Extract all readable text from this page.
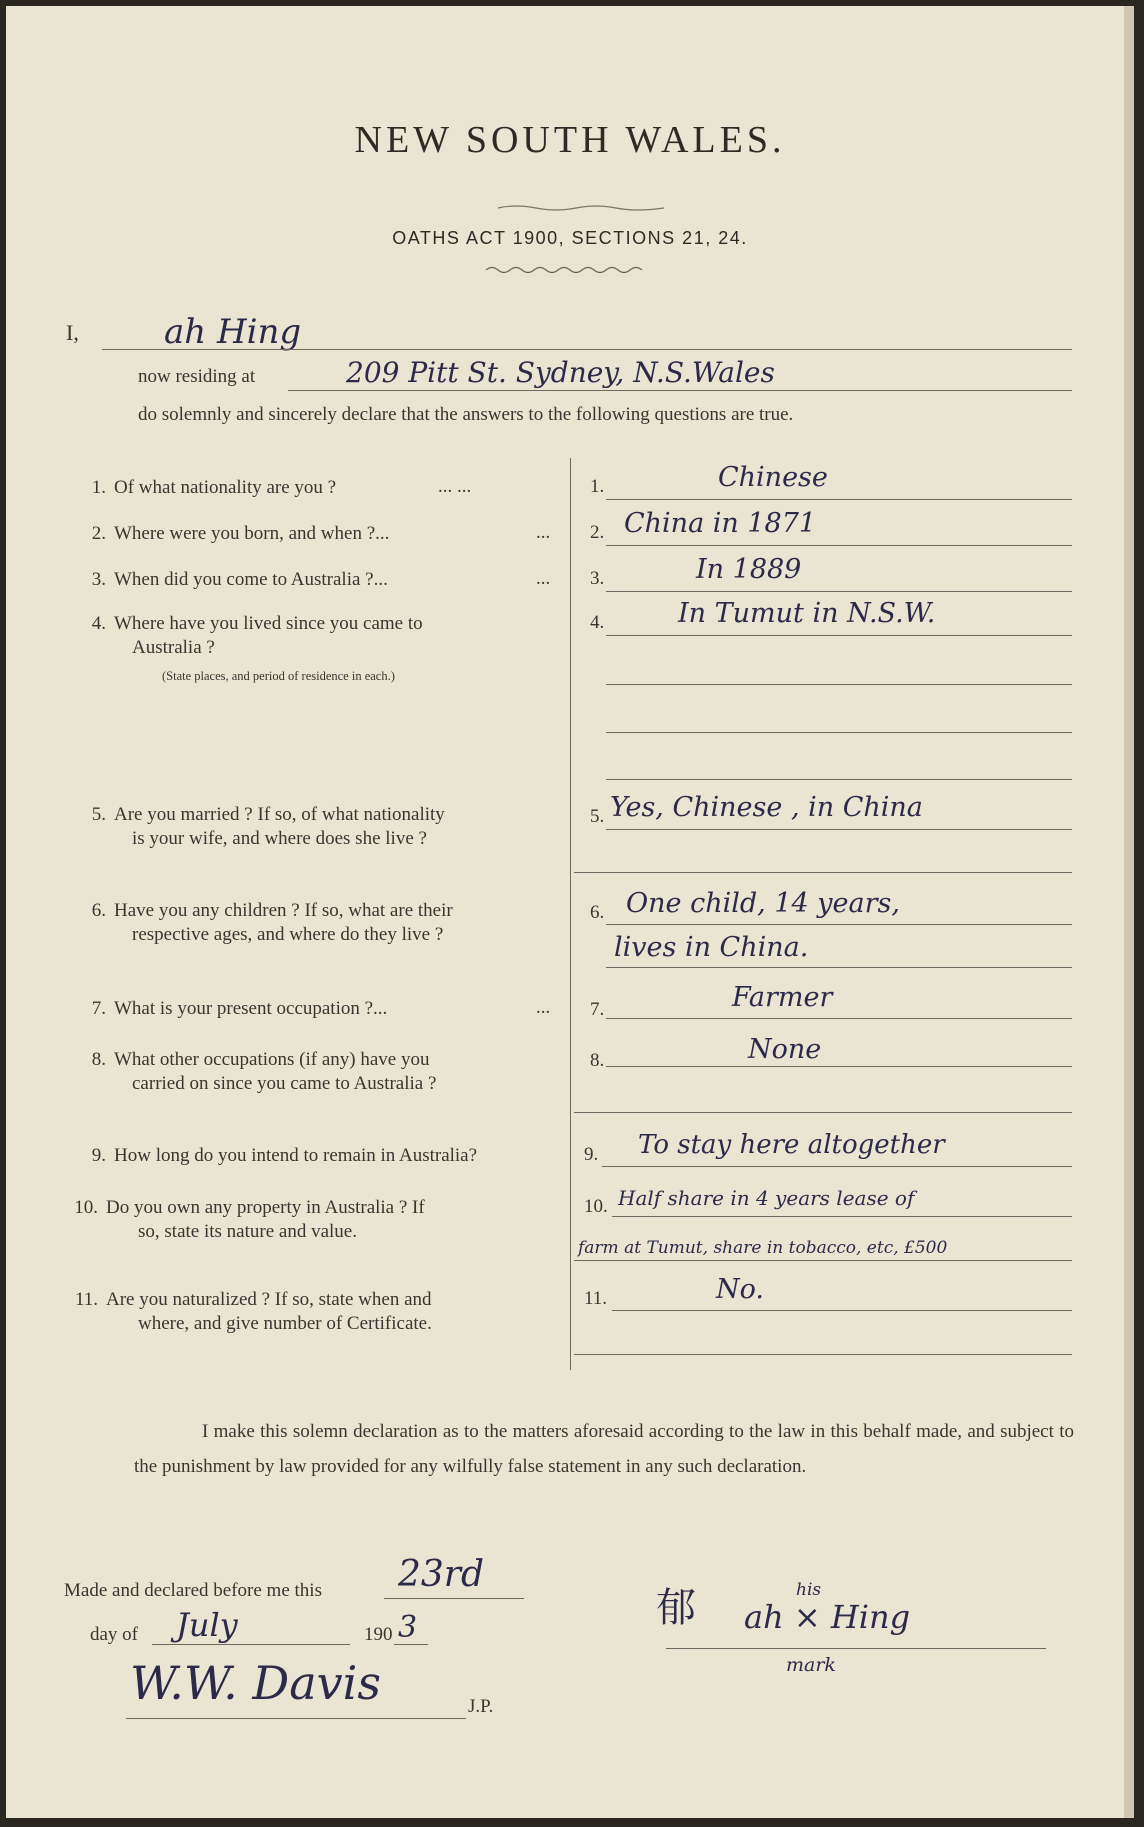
NEW SOUTH WALES.
OATHS ACT 1900, SECTIONS 21, 24.
I,	ah Hing
now residing at	209 Pitt St. Sydney, N.S.Wales
do solemnly and sincerely declare that the answers to the following questions are true.
1. Of what nationality are you ?	... ...	1.	Chinese
2. Where were you born, and when ?...	... 2. China in 1871
3. When did you come to Australia ?...	... 3.	In 1889
4. Where have you lived since you came to
Australia ?
(State places, and period of residence in each.)
4.	In Tumut in N.S.W.
5. Are you married ? If so, of what nationality
is your wife, and where does she live ?
5. Yes, Chinese , in China
6. Have you any children ? If so, what are their
respective ages, and where do they live ?
6. One child, 14 years,
lives in China.
7. What is your present occupation ?...	... 7.	Farmer
8. What other occupations (if any) have you
carried on since you came to Australia ?
8.	None
9. How long do you intend to remain in Australia?	9. To stay here altogether
10. Do you own any property in Australia ? If
so, state its nature and value.
10. Half share in 4 years lease of
farm at Tumut, share in tobacco, etc, £500
11. Are you naturalized ? If so, state when and
where, and give number of Certificate.
11.	No.
I make this solemn declaration as to the matters aforesaid according to the law in this behalf made, and subject to the punishment by law provided for any wilfully false statement in any such declaration.
Made and declared before me this 23rd
day of July	190 3
W.W. Davis	J.P.
郁	his
ah × Hing
mark
